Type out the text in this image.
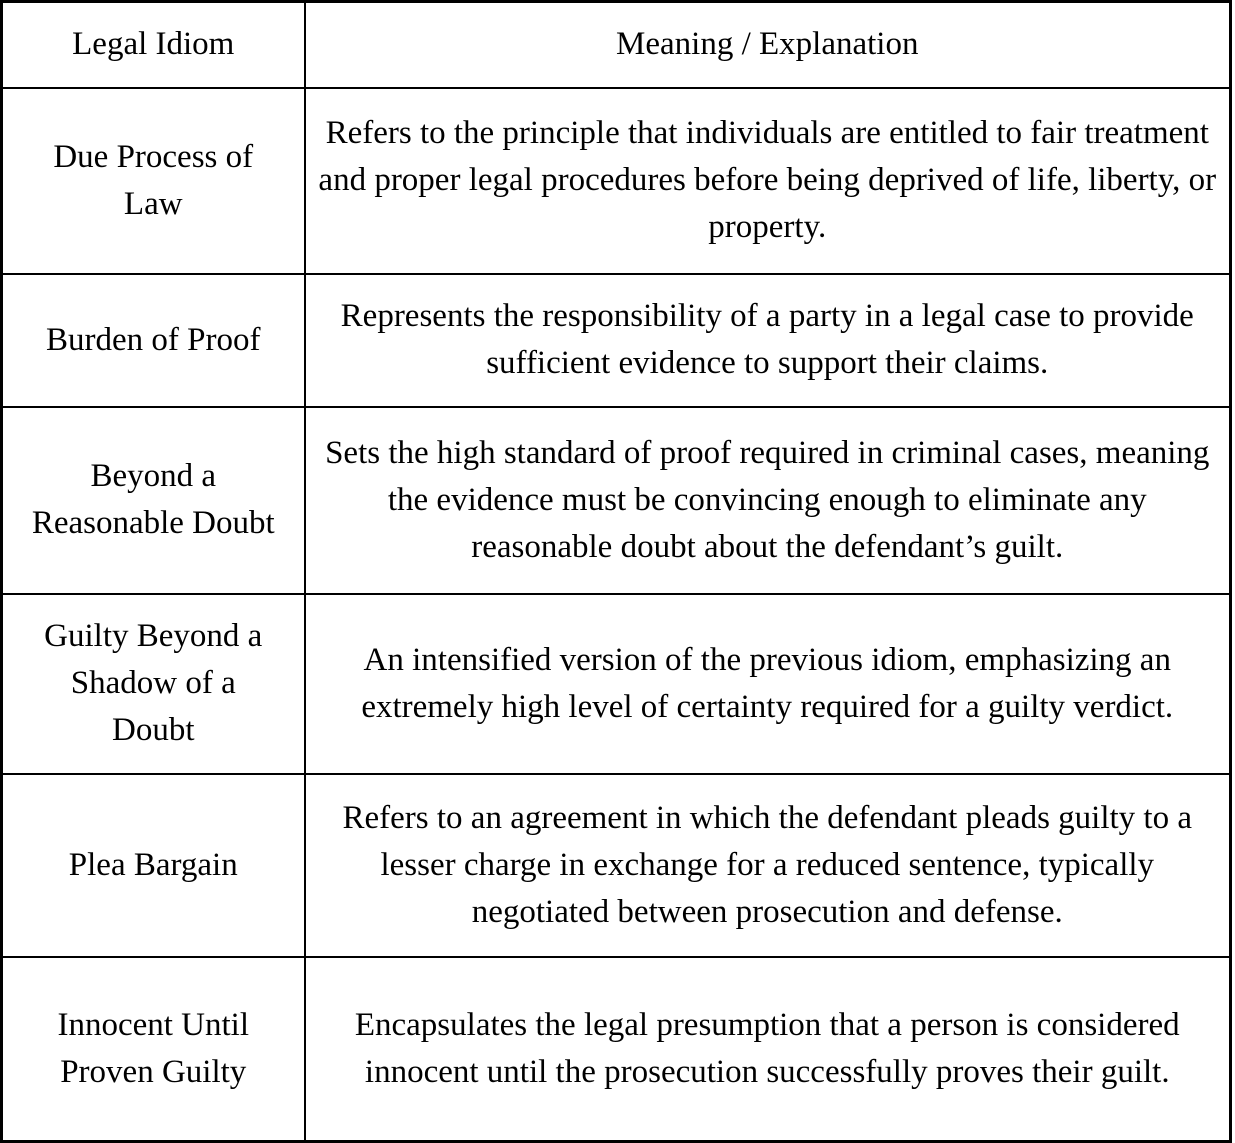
Legal Idiom	Meaning / Explanation
Due Process of Law	Refers to the principle that individuals are entitled to fair treatment and proper legal procedures before being deprived of life, liberty, or property.
Burden of Proof	Represents the responsibility of a party in a legal case to provide sufficient evidence to support their claims.
Beyond a Reasonable Doubt	Sets the high standard of proof required in criminal cases, meaning the evidence must be convincing enough to eliminate any reasonable doubt about the defendant’s guilt.
Guilty Beyond a Shadow of a Doubt	An intensified version of the previous idiom, emphasizing an extremely high level of certainty required for a guilty verdict.
Plea Bargain	Refers to an agreement in which the defendant pleads guilty to a lesser charge in exchange for a reduced sentence, typically negotiated between prosecution and defense.
Innocent Until Proven Guilty	Encapsulates the legal presumption that a person is considered innocent until the prosecution successfully proves their guilt.
